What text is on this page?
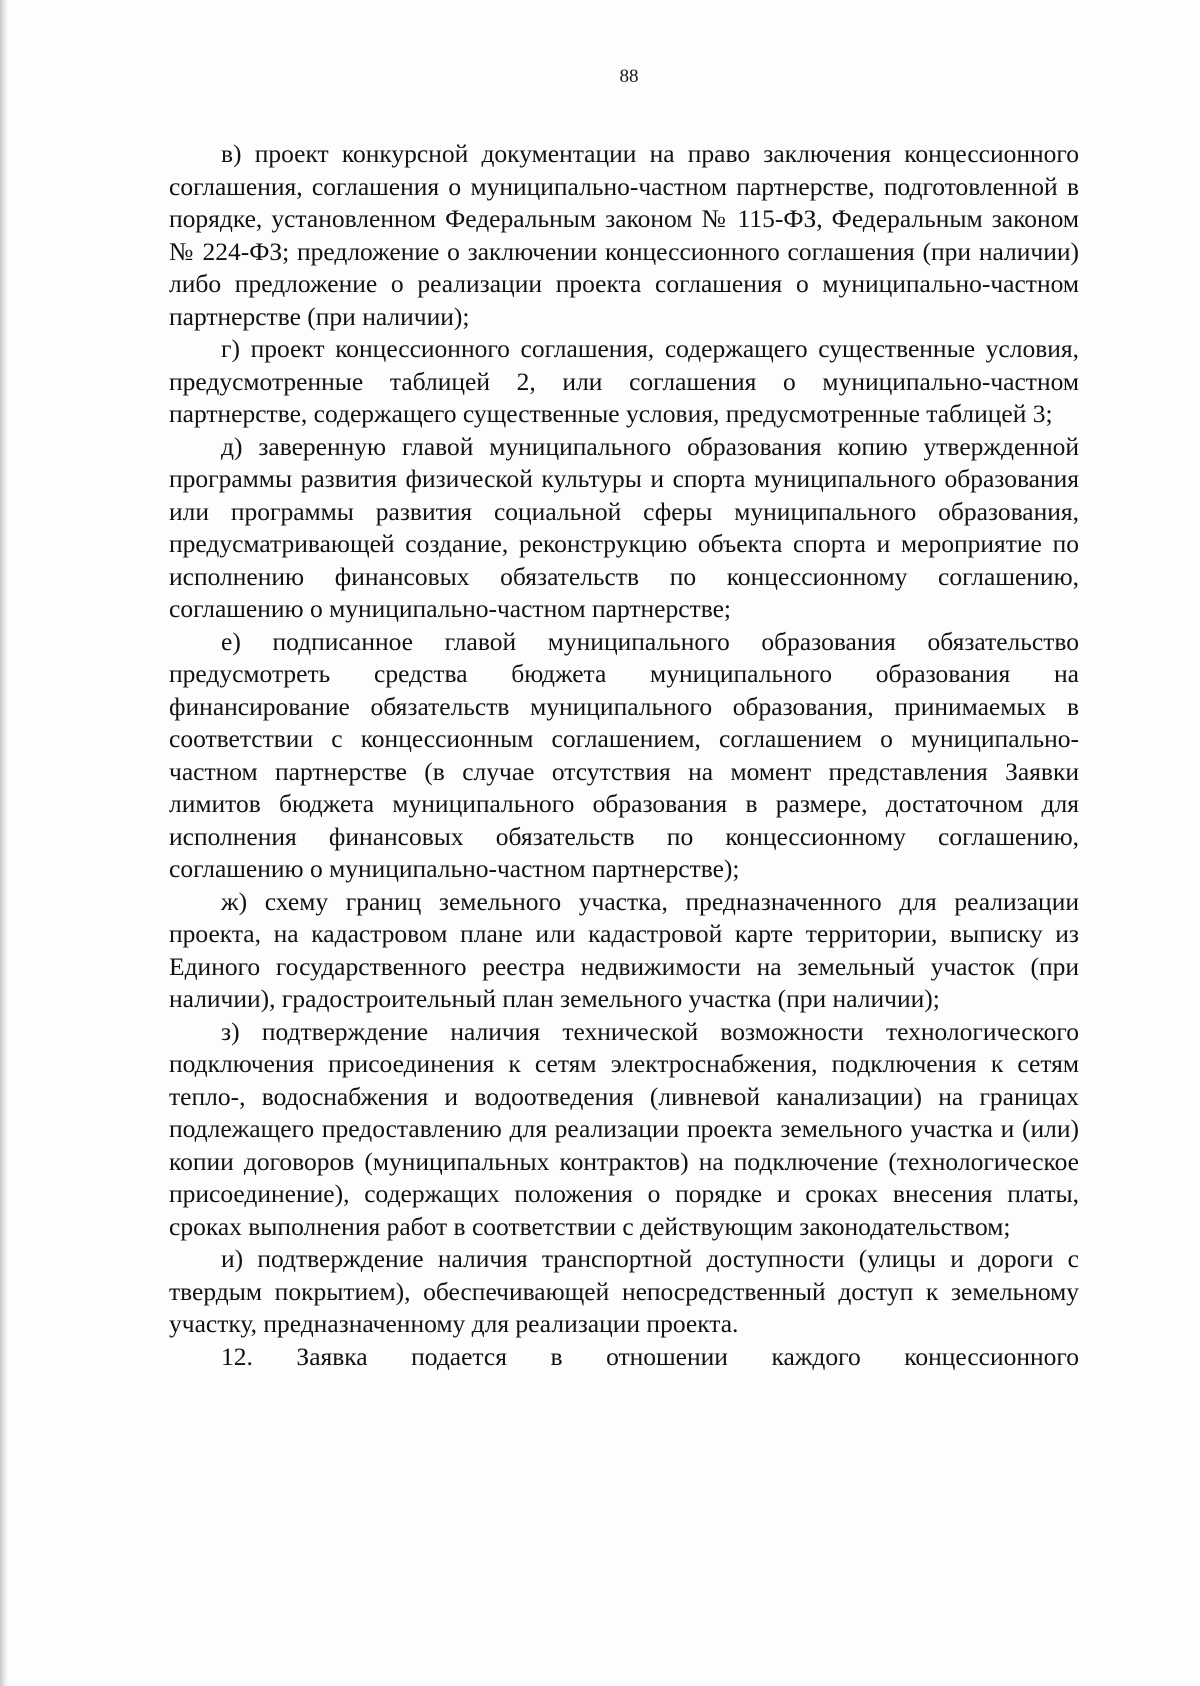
88

в) проект конкурсной документации на право заключения концессионного соглашения, соглашения о муниципально-частном партнерстве, подготовленной в порядке, установленном Федеральным законом № 115-ФЗ, Федеральным законом № 224-ФЗ; предложение о заключении концессионного соглашения (при наличии) либо предложение о реализации проекта соглашения о муниципально-частном партнерстве (при наличии);

г) проект концессионного соглашения, содержащего существенные условия, предусмотренные таблицей 2, или соглашения о муниципально-частном партнерстве, содержащего существенные условия, предусмотренные таблицей 3;

д) заверенную главой муниципального образования копию утвержденной программы развития физической культуры и спорта муниципального образования или программы развития социальной сферы муниципального образования, предусматривающей создание, реконструкцию объекта спорта и мероприятие по исполнению финансовых обязательств по концессионному соглашению, соглашению о муниципально-частном партнерстве;

е) подписанное главой муниципального образования обязательство предусмотреть средства бюджета муниципального образования на финансирование обязательств муниципального образования, принимаемых в соответствии с концессионным соглашением, соглашением о муниципально-частном партнерстве (в случае отсутствия на момент представления Заявки лимитов бюджета муниципального образования в размере, достаточном для исполнения финансовых обязательств по концессионному соглашению, соглашению о муниципально-частном партнерстве);

ж) схему границ земельного участка, предназначенного для реализации проекта, на кадастровом плане или кадастровой карте территории, выписку из Единого государственного реестра недвижимости на земельный участок (при наличии), градостроительный план земельного участка (при наличии);

з) подтверждение наличия технической возможности технологического подключения присоединения к сетям электроснабжения, подключения к сетям тепло-, водоснабжения и водоотведения (ливневой канализации) на границах подлежащего предоставлению для реализации проекта земельного участка и (или) копии договоров (муниципальных контрактов) на подключение (технологическое присоединение), содержащих положения о порядке и сроках внесения платы, сроках выполнения работ в соответствии с действующим законодательством;

и) подтверждение наличия транспортной доступности (улицы и дороги с твердым покрытием), обеспечивающей непосредственный доступ к земельному участку, предназначенному для реализации проекта.

12. Заявка подается в отношении каждого концессионного
